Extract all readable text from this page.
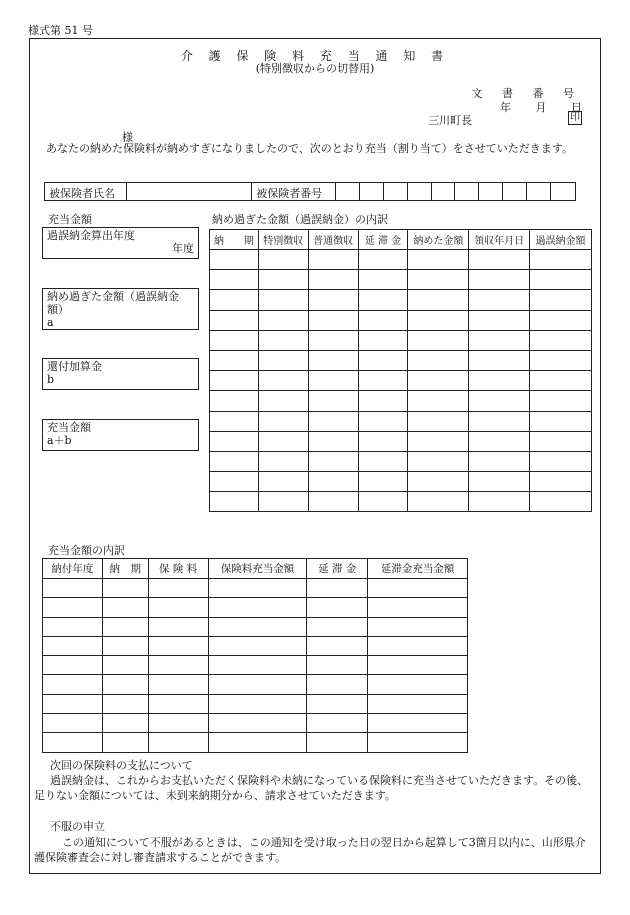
様式第 51 号
介 護 保 険 料 充 当 通 知 書
(特別徴収からの切替用)
文 書 番 号
年 月 日
三川町長	印
様
あなたの納めた保険料が納めすぎになりましたので、次のとおり充当（割り当て）をさせていただきます。
被保険者氏名	被保険者番号
充当金額	納め過ぎた金額（過誤納金）の内訳
過誤納金算出年度
年度
納め過ぎた金額（過誤納金額）
a
還付加算金
b
充当金額
a＋b
納　　期	特別徴収	普通徴収	延 滞 金	納めた金額	領収年月日	過誤納金額

充当金額の内訳
納付年度	納　期	保 険 料	保険料充当金額	延 滞 金	延滞金充当金額

次回の保険料の支払について
過誤納金は、これからお支払いただく保険料や未納になっている保険料に充当させていただきます。その後、足りない金額については、未到来納期分から、請求させていただきます。
不服の申立
この通知について不服があるときは、この通知を受け取った日の翌日から起算して3箇月以内に、山形県介護保険審査会に対し審査請求することができます。
